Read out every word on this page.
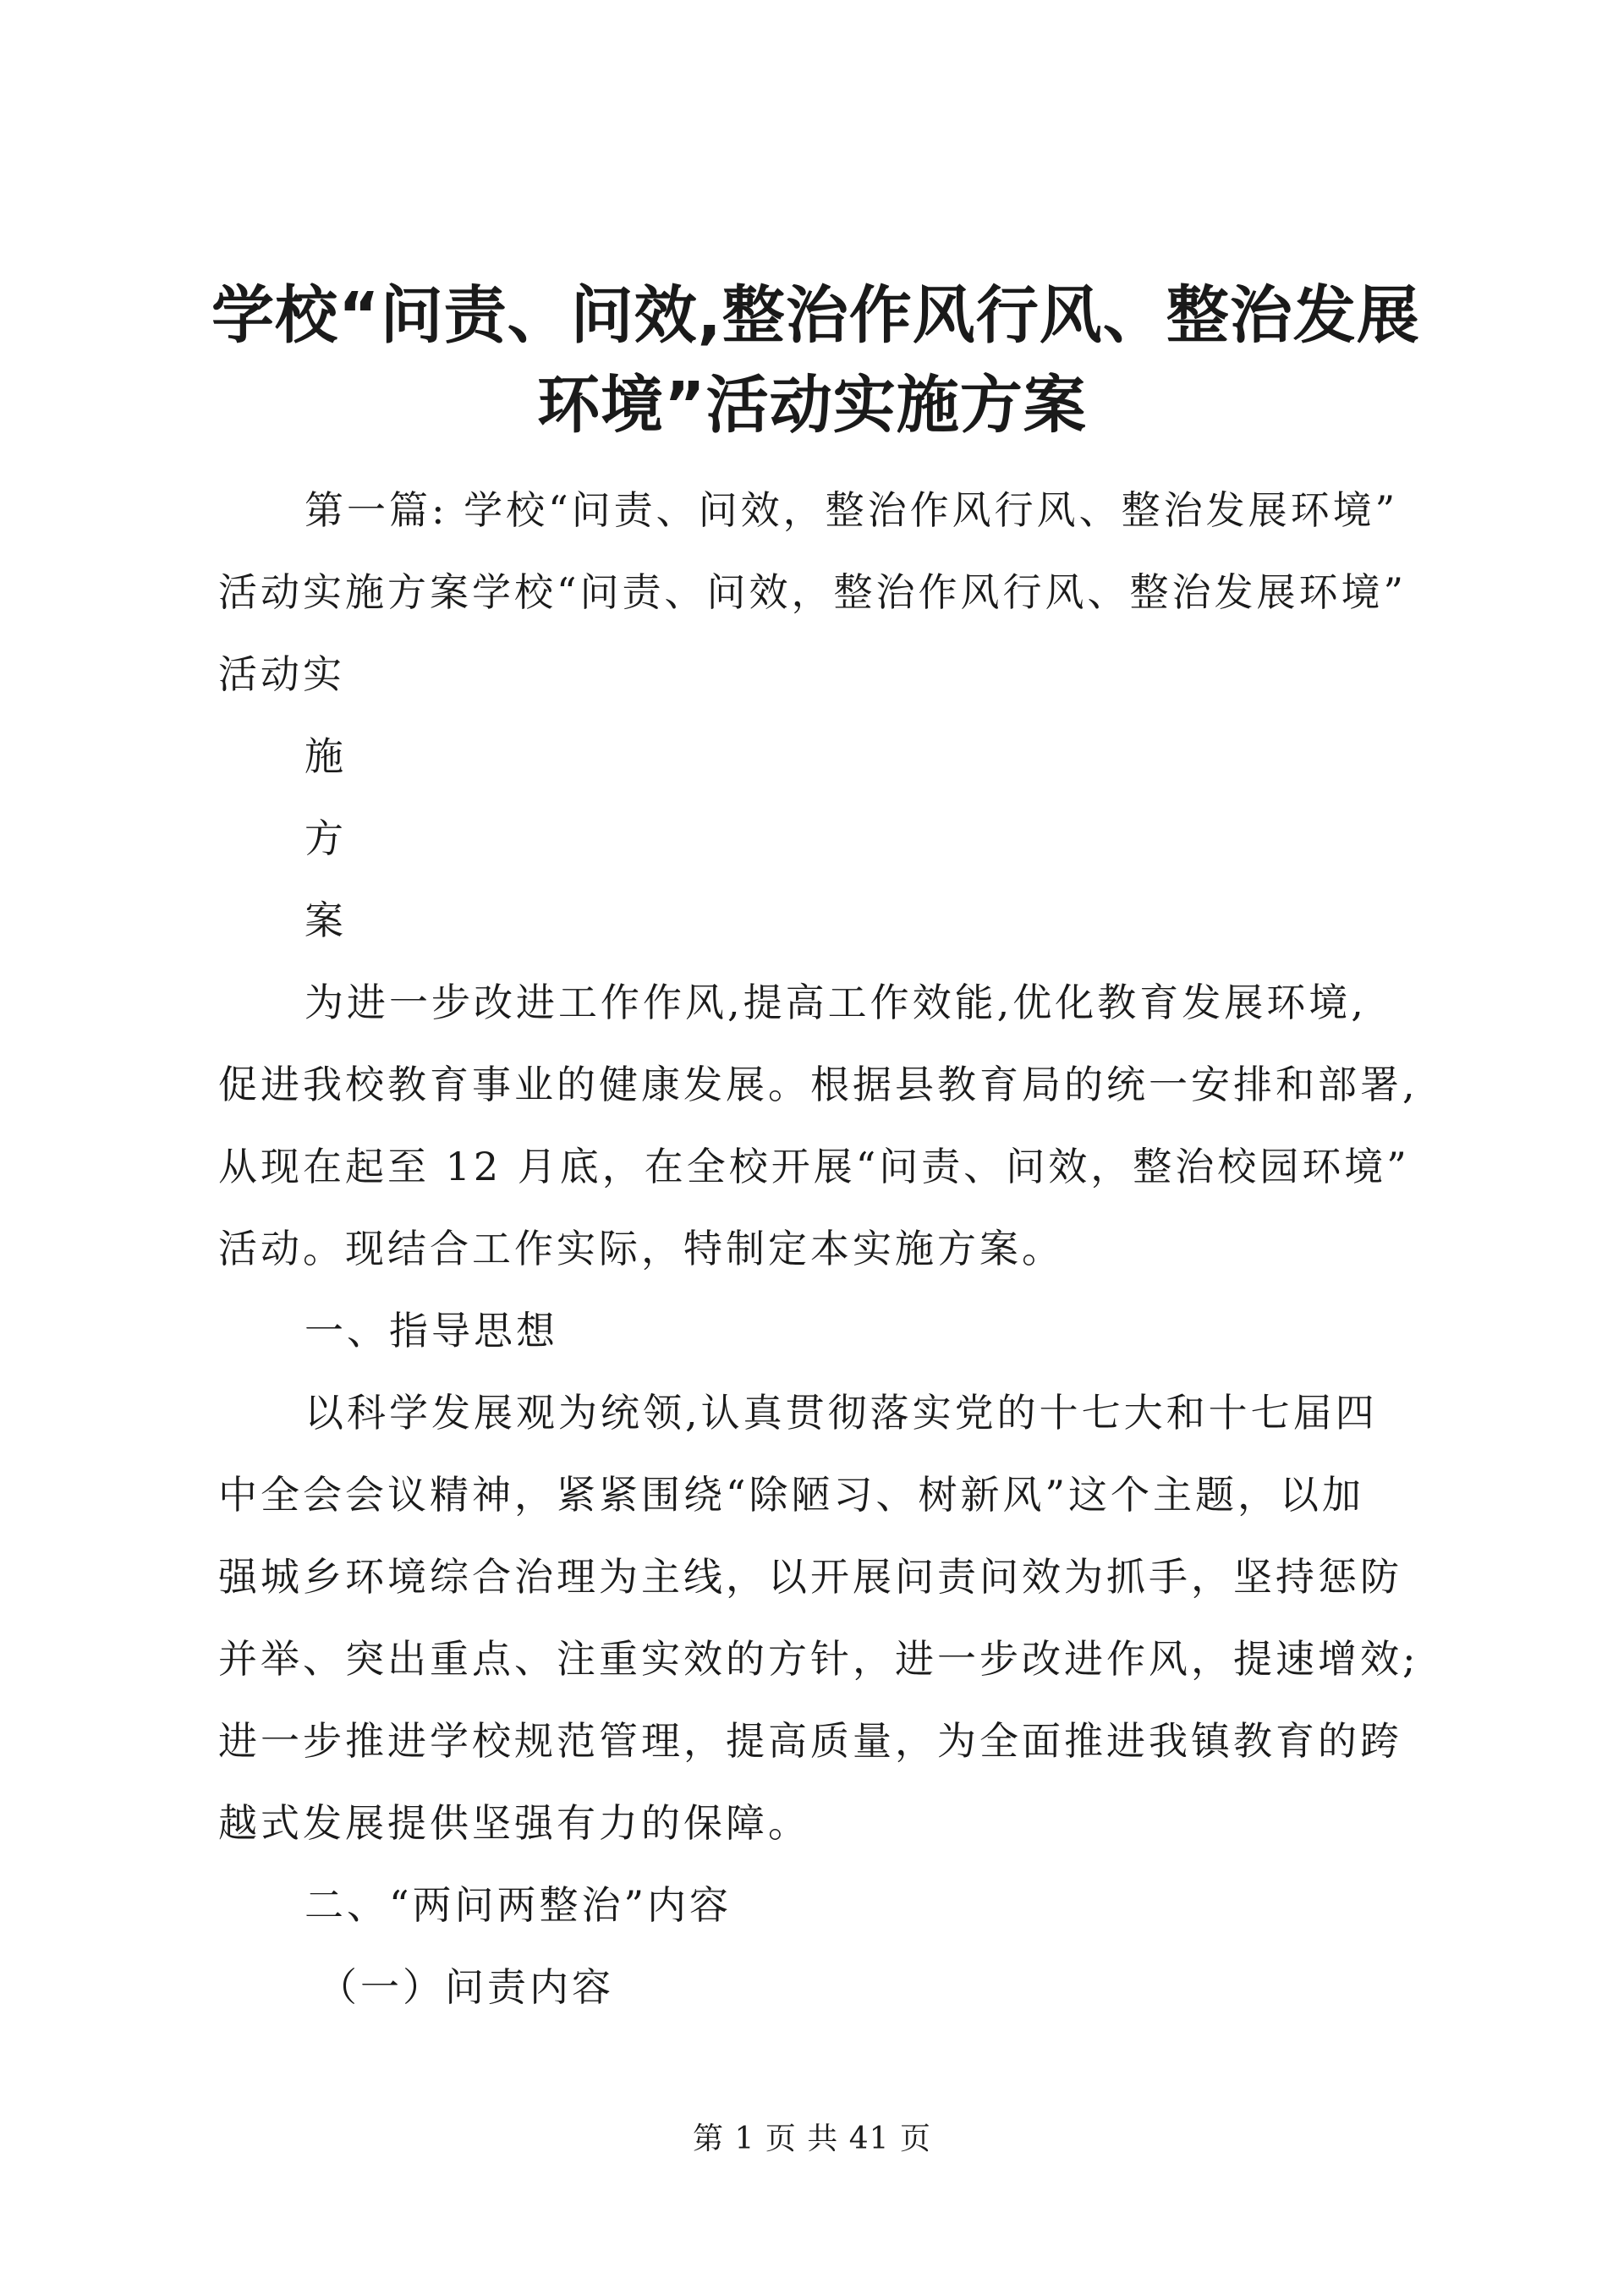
学校“问责、问效,整治作风行风、整治发展
环境”活动实施方案
第一篇: 学校“问责、问效，整治作风行风、整治发展环境”
活动实施方案学校“问责、问效，整治作风行风、整治发展环境”
活动实
施
方
案
为进一步改进工作作风,提高工作效能,优化教育发展环境,
促进我校教育事业的健康发展。根据县教育局的统一安排和部署,
从现在起至 12 月底，在全校开展“问责、问效，整治校园环境”
活动。现结合工作实际，特制定本实施方案。
一、指导思想
以科学发展观为统领,认真贯彻落实党的十七大和十七届四
中全会会议精神，紧紧围绕“除陋习、树新风”这个主题，以加
强城乡环境综合治理为主线，以开展问责问效为抓手，坚持惩防
并举、突出重点、注重实效的方针，进一步改进作风，提速增效;
进一步推进学校规范管理，提高质量，为全面推进我镇教育的跨
越式发展提供坚强有力的保障。
二、“两问两整治”内容
（一）问责内容
第 1 页 共 41 页
